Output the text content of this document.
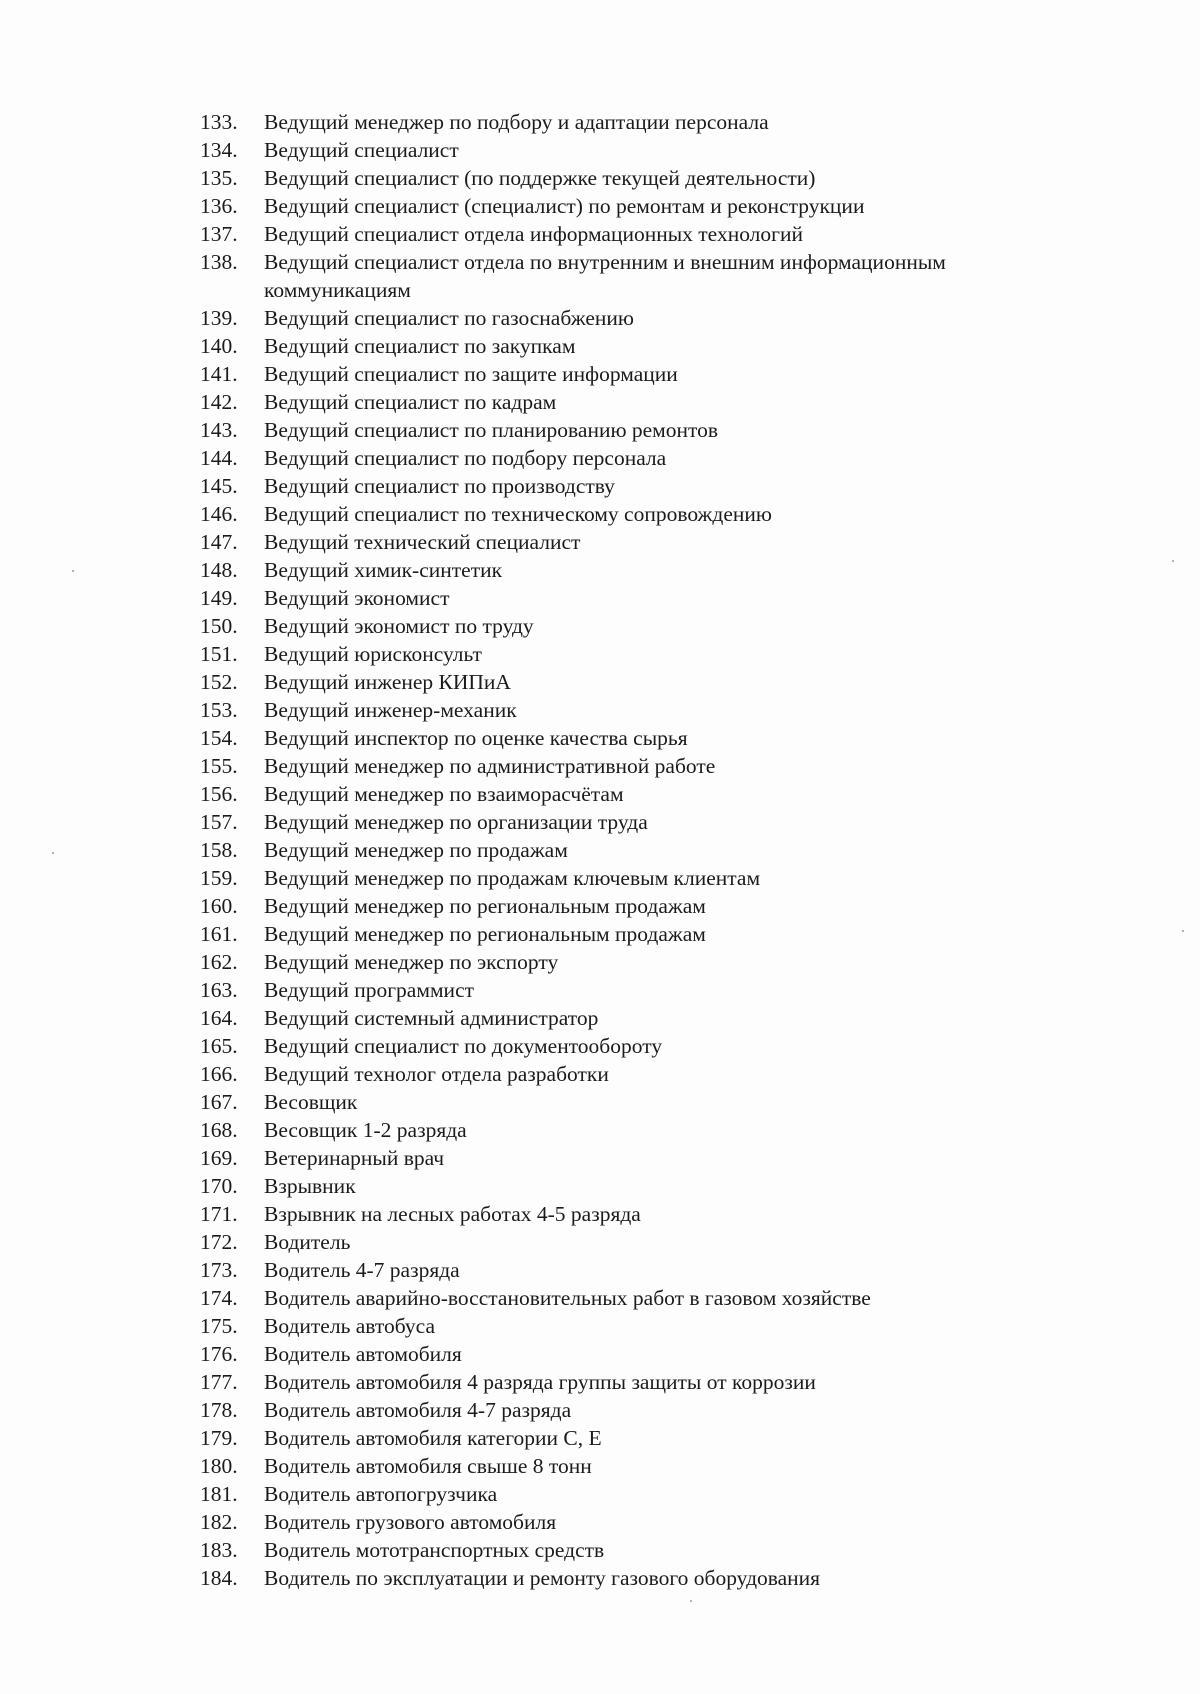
133.	Ведущий менеджер по подбору и адаптации персонала
134.	Ведущий специалист
135.	Ведущий специалист (по поддержке текущей деятельности)
136.	Ведущий специалист (специалист) по ремонтам и реконструкции
137.	Ведущий специалист отдела информационных технологий
138.	Ведущий специалист отдела по внутренним и внешним информационным коммуникациям
139.	Ведущий специалист по газоснабжению
140.	Ведущий специалист по закупкам
141.	Ведущий специалист по защите информации
142.	Ведущий специалист по кадрам
143.	Ведущий специалист по планированию ремонтов
144.	Ведущий специалист по подбору персонала
145.	Ведущий специалист по производству
146.	Ведущий специалист по техническому сопровождению
147.	Ведущий технический специалист
148.	Ведущий химик-синтетик
149.	Ведущий экономист
150.	Ведущий экономист по труду
151.	Ведущий юрисконсульт
152.	Ведущий инженер КИПиА
153.	Ведущий инженер-механик
154.	Ведущий инспектор по оценке качества сырья
155.	Ведущий менеджер по административной работе
156.	Ведущий менеджер по взаиморасчётам
157.	Ведущий менеджер по организации труда
158.	Ведущий менеджер по продажам
159.	Ведущий менеджер по продажам ключевым клиентам
160.	Ведущий менеджер по региональным продажам
161.	Ведущий менеджер по региональным продажам
162.	Ведущий менеджер по экспорту
163.	Ведущий программист
164.	Ведущий системный администратор
165.	Ведущий специалист по документообороту
166.	Ведущий технолог отдела разработки
167.	Весовщик
168.	Весовщик 1-2 разряда
169.	Ветеринарный врач
170.	Взрывник
171.	Взрывник на лесных работах 4-5 разряда
172.	Водитель
173.	Водитель 4-7 разряда
174.	Водитель аварийно-восстановительных работ в газовом хозяйстве
175.	Водитель автобуса
176.	Водитель автомобиля
177.	Водитель автомобиля 4 разряда группы защиты от коррозии
178.	Водитель автомобиля 4-7 разряда
179.	Водитель автомобиля категории С, Е
180.	Водитель автомобиля свыше 8 тонн
181.	Водитель автопогрузчика
182.	Водитель грузового автомобиля
183.	Водитель мототранспортных средств
184.	Водитель по эксплуатации и ремонту газового оборудования
